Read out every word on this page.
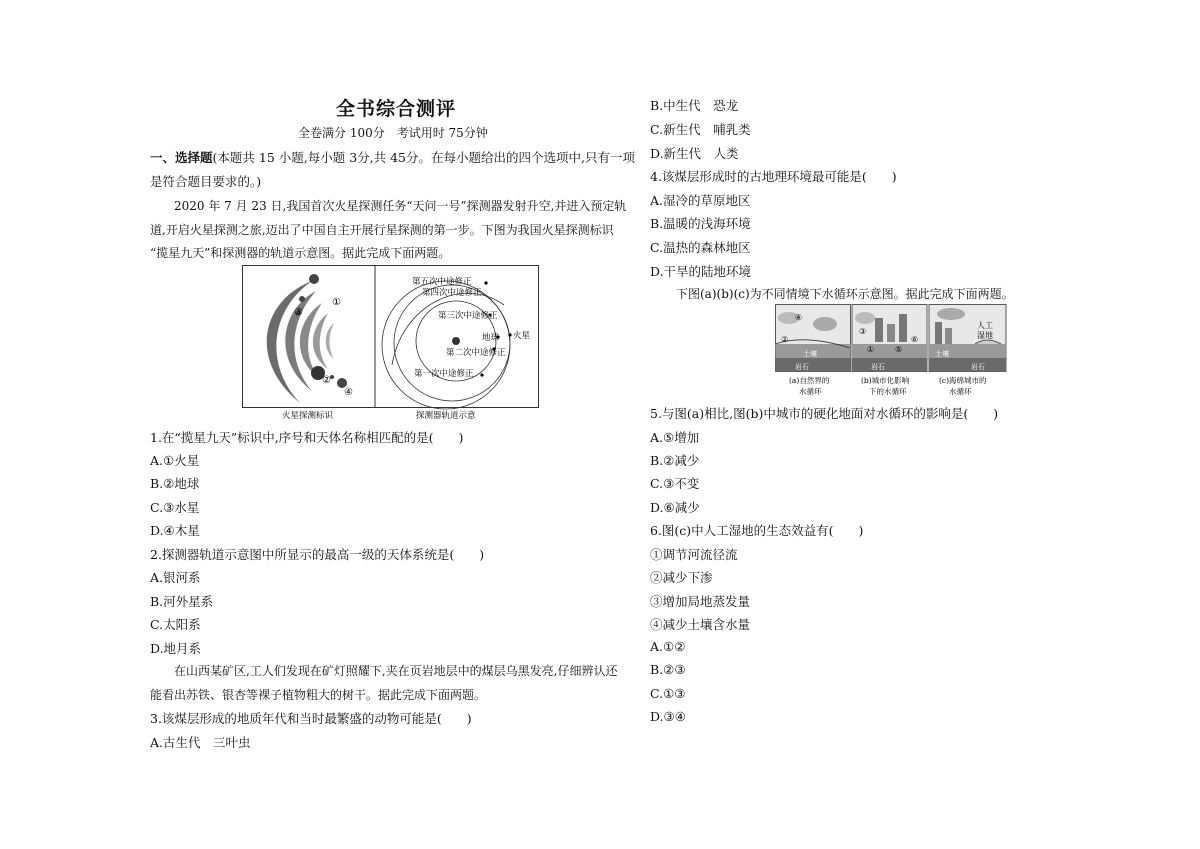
全书综合测评
全卷满分 100分　考试用时 75分钟
一、选择题(本题共 15 小题,每小题 3分,共 45分。在每小题给出的四个选项中,只有一项
是符合题目要求的。)
2020 年 7 月 23 日,我国首次火星探测任务“天问一号”探测器发射升空,并进入预定轨
道,开启火星探测之旅,迈出了中国自主开展行星探测的第一步。下图为我国火星探测标识
“揽星九天”和探测器的轨道示意图。据此完成下面两题。
①
③
②
④
第五次中途修正
第四次中途修正
第三次中途修正
地球 火星
第二次中途修正
第一次中途修正
火星探测标识	探测器轨道示意
1.在“揽星九天”标识中,序号和天体名称相匹配的是(　　)
A.①火星
B.②地球
C.③水星
D.④木星
2.探测器轨道示意图中所显示的最高一级的天体系统是(　　)
A.银河系
B.河外星系
C.太阳系
D.地月系
在山西某矿区,工人们发现在矿灯照耀下,夹在页岩地层中的煤层乌黑发亮,仔细辨认还
能看出苏铁、银杏等裸子植物粗大的树干。据此完成下面两题。
3.该煤层形成的地质年代和当时最繁盛的动物可能是(　　)
A.古生代　三叶虫
B.中生代　恐龙
C.新生代　哺乳类
D.新生代　人类
4.该煤层形成时的古地理环境最可能是(　　)
A.湿冷的草原地区
B.温暖的浅海环境
C.温热的森林地区
D.干旱的陆地环境
下图(a)(b)(c)为不同情境下水循环示意图。据此完成下面两题。
④
②
土壤
岩石
③
⑥
⑤
①
岩石
人工
湿地
土壤
岩石
(a)自然界的
水循环
(b)城市化影响
下的水循环
(c)海绵城市的
水循环
5.与图(a)相比,图(b)中城市的硬化地面对水循环的影响是(　　)
A.⑤增加
B.②减少
C.③不变
D.⑥减少
6.图(c)中人工湿地的生态效益有(　　)
①调节河流径流
②减少下渗
③增加局地蒸发量
④减少土壤含水量
A.①②
B.②③
C.①③
D.③④
